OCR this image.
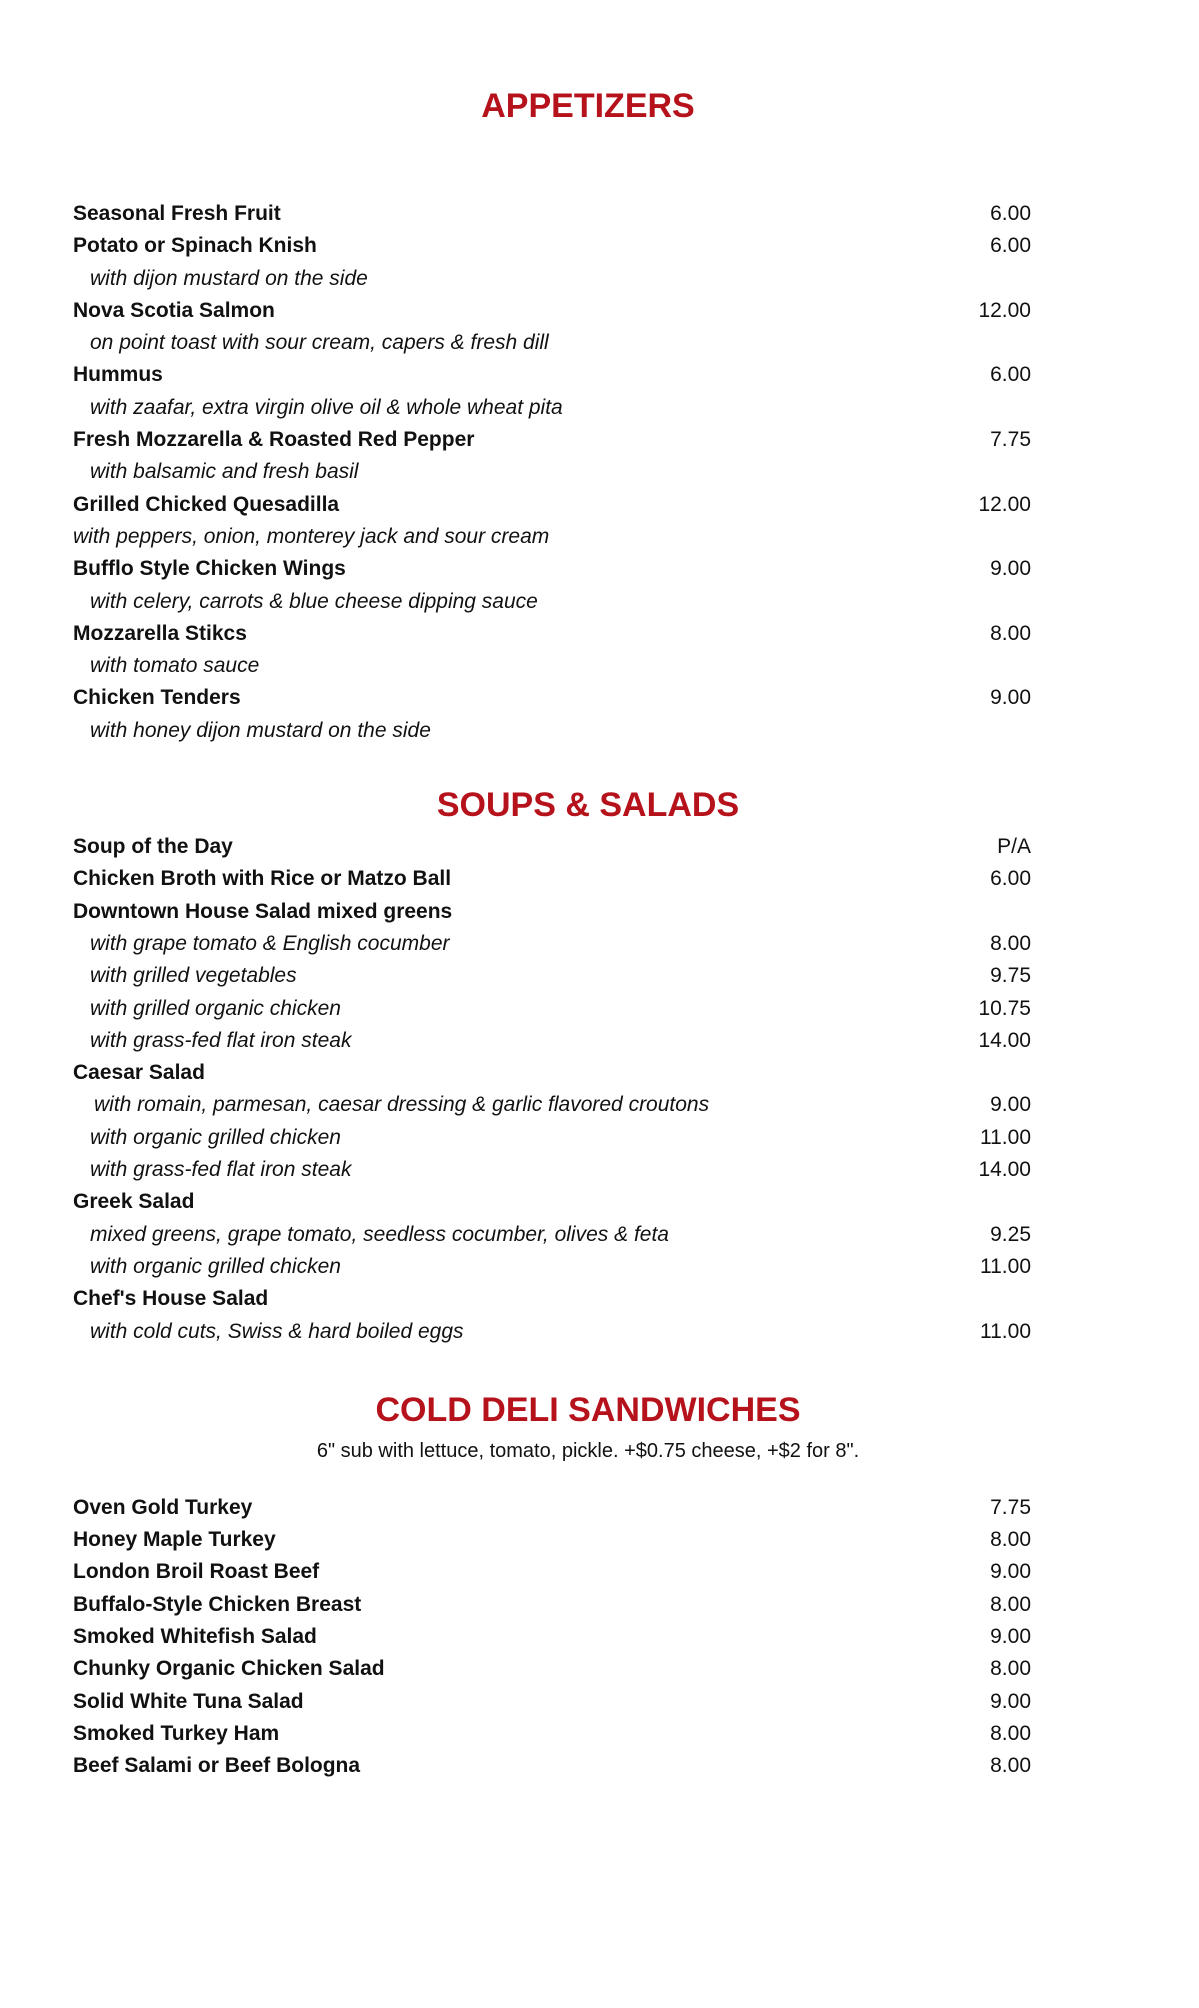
APPETIZERS
Seasonal Fresh Fruit	6.00
Potato or Spinach Knish	6.00
with dijon mustard on the side
Nova Scotia Salmon	12.00
on point toast with sour cream, capers & fresh dill
Hummus	6.00
with zaafar, extra virgin olive oil & whole wheat pita
Fresh Mozzarella & Roasted Red Pepper	7.75
with balsamic and fresh basil
Grilled Chicked Quesadilla	12.00
with peppers, onion, monterey jack and sour cream
Bufflo Style Chicken Wings	9.00
with celery, carrots & blue cheese dipping sauce
Mozzarella Stikcs	8.00
with tomato sauce
Chicken Tenders	9.00
with honey dijon mustard on the side
SOUPS & SALADS
Soup of the Day	P/A
Chicken Broth with Rice or Matzo Ball	6.00
Downtown House Salad mixed greens
with grape tomato & English cocumber	8.00
with grilled vegetables	9.75
with grilled organic chicken	10.75
with grass-fed flat iron steak	14.00
Caesar Salad
with romain, parmesan, caesar dressing & garlic flavored croutons	9.00
with organic grilled chicken	11.00
with grass-fed flat iron steak	14.00
Greek Salad
mixed greens, grape tomato, seedless cocumber, olives & feta	9.25
with organic grilled chicken	11.00
Chef's House Salad
with cold cuts, Swiss & hard boiled eggs	11.00
COLD DELI SANDWICHES

6" sub with lettuce, tomato, pickle. +$0.75 cheese, +$2 for 8".

Oven Gold Turkey	7.75
Honey Maple Turkey	8.00
London Broil Roast Beef	9.00
Buffalo-Style Chicken Breast	8.00
Smoked Whitefish Salad	9.00
Chunky Organic Chicken Salad	8.00
Solid White Tuna Salad	9.00
Smoked Turkey Ham	8.00
Beef Salami or Beef Bologna	8.00
